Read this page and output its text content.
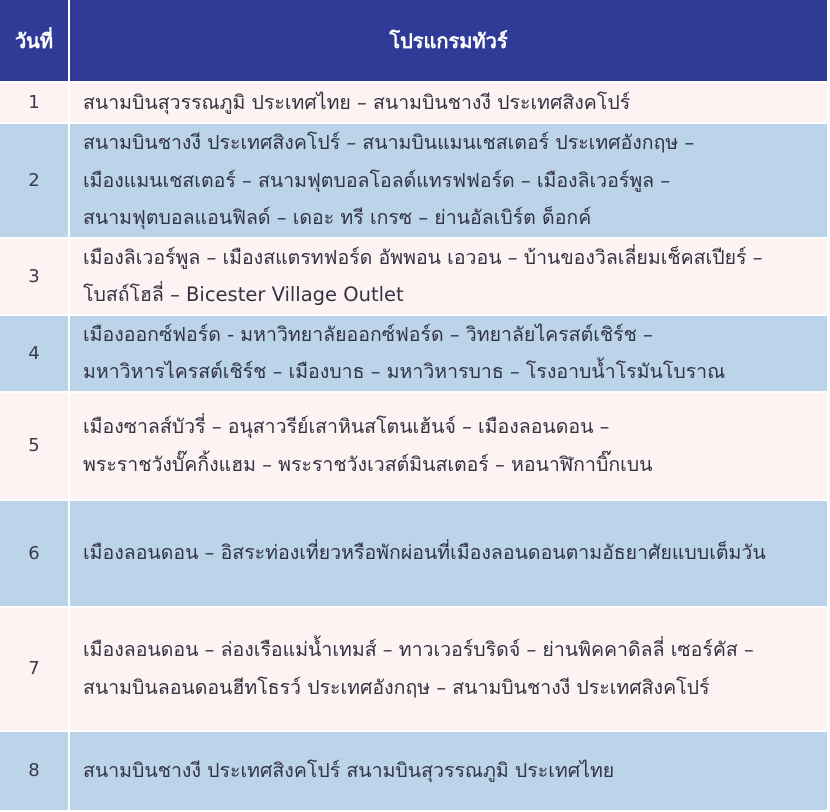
วันที่	โปรแกรมทัวร์
1	สนามบินสุวรรณภูมิ ประเทศไทย – สนามบินชางงี ประเทศสิงคโปร์

2	สนามบินชางงี ประเทศสิงคโปร์ – สนามบินแมนเชสเตอร์ ประเทศอังกฤษ –
เมืองแมนเชสเตอร์ – สนามฟุตบอลโอลด์แทรฟฟอร์ด – เมืองลิเวอร์พูล –
สนามฟุตบอลแอนฟิลด์ – เดอะ ทรี เกรซ – ย่านอัลเบิร์ต ด็อกค์

3	เมืองลิเวอร์พูล – เมืองสแตรทฟอร์ด อัพพอน เอวอน – บ้านของวิลเลี่ยมเช็คสเปียร์ –
โบสถ์โฮลี่ – Bicester Village Outlet

4	เมืองออกซ์ฟอร์ด - มหาวิทยาลัยออกซ์ฟอร์ด – วิทยาลัยไครสต์เชิร์ช –
มหาวิหารไครสต์เชิร์ช – เมืองบาธ – มหาวิหารบาธ – โรงอาบน้ำโรมันโบราณ

5	เมืองซาลส์บัวรี่ – อนุสาวรีย์เสาหินสโตนเฮ้นจ์ – เมืองลอนดอน –
พระราชวังบั๊คกิ้งแฮม – พระราชวังเวสต์มินสเตอร์ – หอนาฬิกาบิ๊กเบน

6	เมืองลอนดอน – อิสระท่องเที่ยวหรือพักผ่อนที่เมืองลอนดอนตามอัธยาศัยแบบเต็มวัน

7	เมืองลอนดอน – ล่องเรือแม่น้ำเทมส์ – ทาวเวอร์บริดจ์ – ย่านพิคคาดิลลี่ เซอร์คัส –
สนามบินลอนดอนฮีทโธรว์ ประเทศอังกฤษ – สนามบินชางงี ประเทศสิงคโปร์

8	สนามบินชางงี ประเทศสิงคโปร์ สนามบินสุวรรณภูมิ ประเทศไทย
